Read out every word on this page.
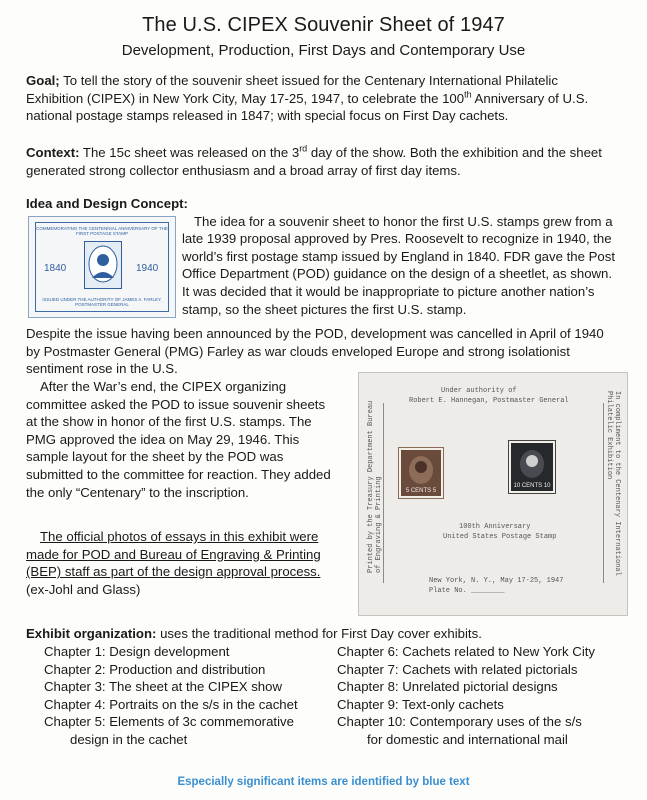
The U.S. CIPEX Souvenir Sheet of 1947
Development, Production, First Days and Contemporary Use
Goal; To tell the story of the souvenir sheet issued for the Centenary International Philatelic Exhibition (CIPEX) in New York City, May 17-25, 1947, to celebrate the 100th Anniversary of U.S. national postage stamps released in 1847; with special focus on First Day cachets.
Context: The 15c sheet was released on the 3rd day of the show. Both the exhibition and the sheet generated strong collector enthusiasm and a broad array of first day items.
Idea and Design Concept:
The idea for a souvenir sheet to honor the first U.S. stamps grew from a late 1939 proposal approved by Pres. Roosevelt to recognize in 1940, the world’s first postage stamp issued by England in 1840. FDR gave the Post Office Department (POD) guidance on the design of a sheetlet, as shown. It was decided that it would be inappropriate to picture another nation’s stamp, so the sheet pictures the first U.S. stamp.
COMMEMORATING THE CENTENNIAL ANNIVERSARY OF THE FIRST POSTAGE STAMP
1840	1940
ISSUED UNDER THE AUTHORITY OF JAMES A. FARLEY, POSTMASTER GENERAL
Despite the issue having been announced by the POD, development was cancelled in April of 1940 by Postmaster General (PMG) Farley as war clouds enveloped Europe and strong isolationist sentiment rose in the U.S.
After the War’s end, the CIPEX organizing committee asked the POD to issue souvenir sheets at the show in honor of the first U.S. stamps. The PMG approved the idea on May 29, 1946. This sample layout for the sheet by the POD was submitted to the committee for reaction. They added the only “Centenary” to the inscription.
The official photos of essays in this exhibit were made for POD and Bureau of Engraving & Printing (BEP) staff as part of the design approval process. (ex-Johl and Glass)
Under authority of
Robert E. Hannegan, Postmaster General
Printed by the Treasury Department Bureau of Engraving & Printing	In compliment to the Centenary International Philatelic Exhibition
5 CENTS 5
10 CENTS 10
100th Anniversary
United States Postage Stamp
New York, N. Y., May 17-25, 1947
Plate No. ________
Exhibit organization: uses the traditional method for First Day cover exhibits.
Chapter 1: Design development
Chapter 2: Production and distribution
Chapter 3: The sheet at the CIPEX show
Chapter 4: Portraits on the s/s in the cachet
Chapter 5: Elements of 3c commemorative
design in the cachet
Chapter 6: Cachets related to New York City
Chapter 7: Cachets with related pictorials
Chapter 8: Unrelated pictorial designs
Chapter 9: Text-only cachets
Chapter 10: Contemporary uses of the s/s
for domestic and international mail
Especially significant items are identified by blue text
